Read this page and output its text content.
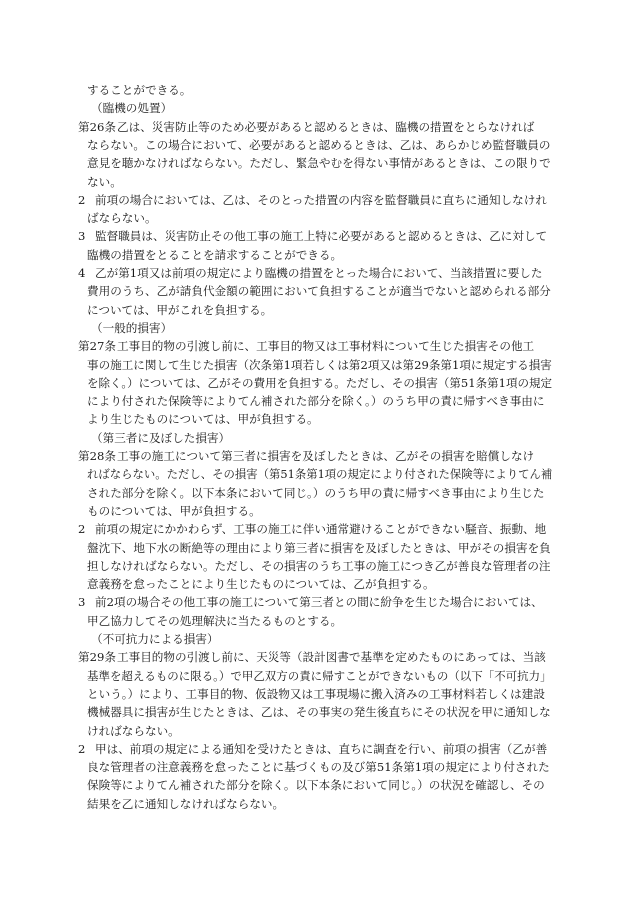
することができる。
（臨機の処置）
第26条 乙は、災害防止等のため必要があると認めるときは、臨機の措置をとらなければ
ならない。この場合において、必要があると認めるときは、乙は、あらかじめ監督職員の
意見を聴かなければならない。ただし、緊急やむを得ない事情があるときは、この限りで
ない。
2 前項の場合においては、乙は、そのとった措置の内容を監督職員に直ちに通知しなけれ
ばならない。
3 監督職員は、災害防止その他工事の施工上特に必要があると認めるときは、乙に対して
臨機の措置をとることを請求することができる。
4 乙が第1項又は前項の規定により臨機の措置をとった場合において、当該措置に要した
費用のうち、乙が請負代金額の範囲において負担することが適当でないと認められる部分
については、甲がこれを負担する。
（一般的損害）
第27条 工事目的物の引渡し前に、工事目的物又は工事材料について生じた損害その他工
事の施工に関して生じた損害（次条第1項若しくは第2項又は第29条第1項に規定する損害
を除く。）については、乙がその費用を負担する。ただし、その損害（第51条第1項の規定
により付された保険等によりてん補された部分を除く。）のうち甲の責に帰すべき事由に
より生じたものについては、甲が負担する。
（第三者に及ぼした損害）
第28条 工事の施工について第三者に損害を及ぼしたときは、乙がその損害を賠償しなけ
ればならない。ただし、その損害（第51条第1項の規定により付された保険等によりてん補
された部分を除く。以下本条において同じ。）のうち甲の責に帰すべき事由により生じた
ものについては、甲が負担する。
2 前項の規定にかかわらず、工事の施工に伴い通常避けることができない騒音、振動、地
盤沈下、地下水の断絶等の理由により第三者に損害を及ぼしたときは、甲がその損害を負
担しなければならない。ただし、その損害のうち工事の施工につき乙が善良な管理者の注
意義務を怠ったことにより生じたものについては、乙が負担する。
3 前2項の場合その他工事の施工について第三者との間に紛争を生じた場合においては、
甲乙協力してその処理解決に当たるものとする。
（不可抗力による損害）
第29条 工事目的物の引渡し前に、天災等（設計図書で基準を定めたものにあっては、当該
基準を超えるものに限る。）で甲乙双方の責に帰すことができないもの（以下「不可抗力」
という。）により、工事目的物、仮設物又は工事現場に搬入済みの工事材料若しくは建設
機械器具に損害が生じたときは、乙は、その事実の発生後直ちにその状況を甲に通知しな
ければならない。
2 甲は、前項の規定による通知を受けたときは、直ちに調査を行い、前項の損害（乙が善
良な管理者の注意義務を怠ったことに基づくもの及び第51条第1項の規定により付された
保険等によりてん補された部分を除く。以下本条において同じ。）の状況を確認し、その
結果を乙に通知しなければならない。
